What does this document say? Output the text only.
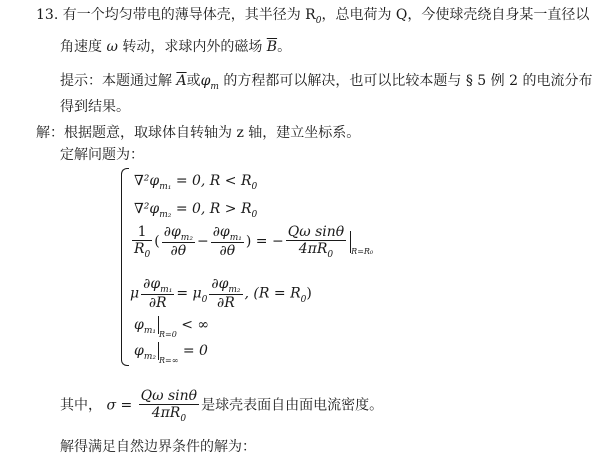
13. 有一个均匀带电的薄导体壳，其半径为 $R_0$，总电荷为 Q，今使球壳绕自身某一直径以
角速度 ω 转动，求球内外的磁场 $\overline{B}$。
提示：本题通过解 $\overline{A}$或$\varphi_m$ 的方程都可以解决，也可以比较本题与 § 5 例 2 的电流分布
得到结果。
解：根据题意，取球体自转轴为 z 轴，建立坐标系。
定解问题为：
$\nabla^2\varphi_{m_1} = 0$, $R < R_0$
$\nabla^2\varphi_{m_2} = 0$, $R > R_0$
$\frac{1}{R_0}$ ( $\frac{\partial\varphi_{m_2}}{\partial\theta} - \frac{\partial\varphi_{m_1}}{\partial\theta}$ ) = − $\frac{\text{Qω sinθ}}{4\pi R_0} _{R=R_0}$
μ $\frac{\partial\varphi_{m_1}}{\partial R} = \mu_0 \frac{\partial\varphi_{m_2}}{\partial R}$ , $(R = R_0)$
$\varphi_{m_1}$ $_{R=0}$ < ∞
$\varphi_{m_2}$ $_{R=\infty}$ = 0
其中， $\sigma = \frac{\text{Qω sinθ}}{4\pi R_0}$ 是球壳表面自由面电流密度。
解得满足自然边界条件的解为：
